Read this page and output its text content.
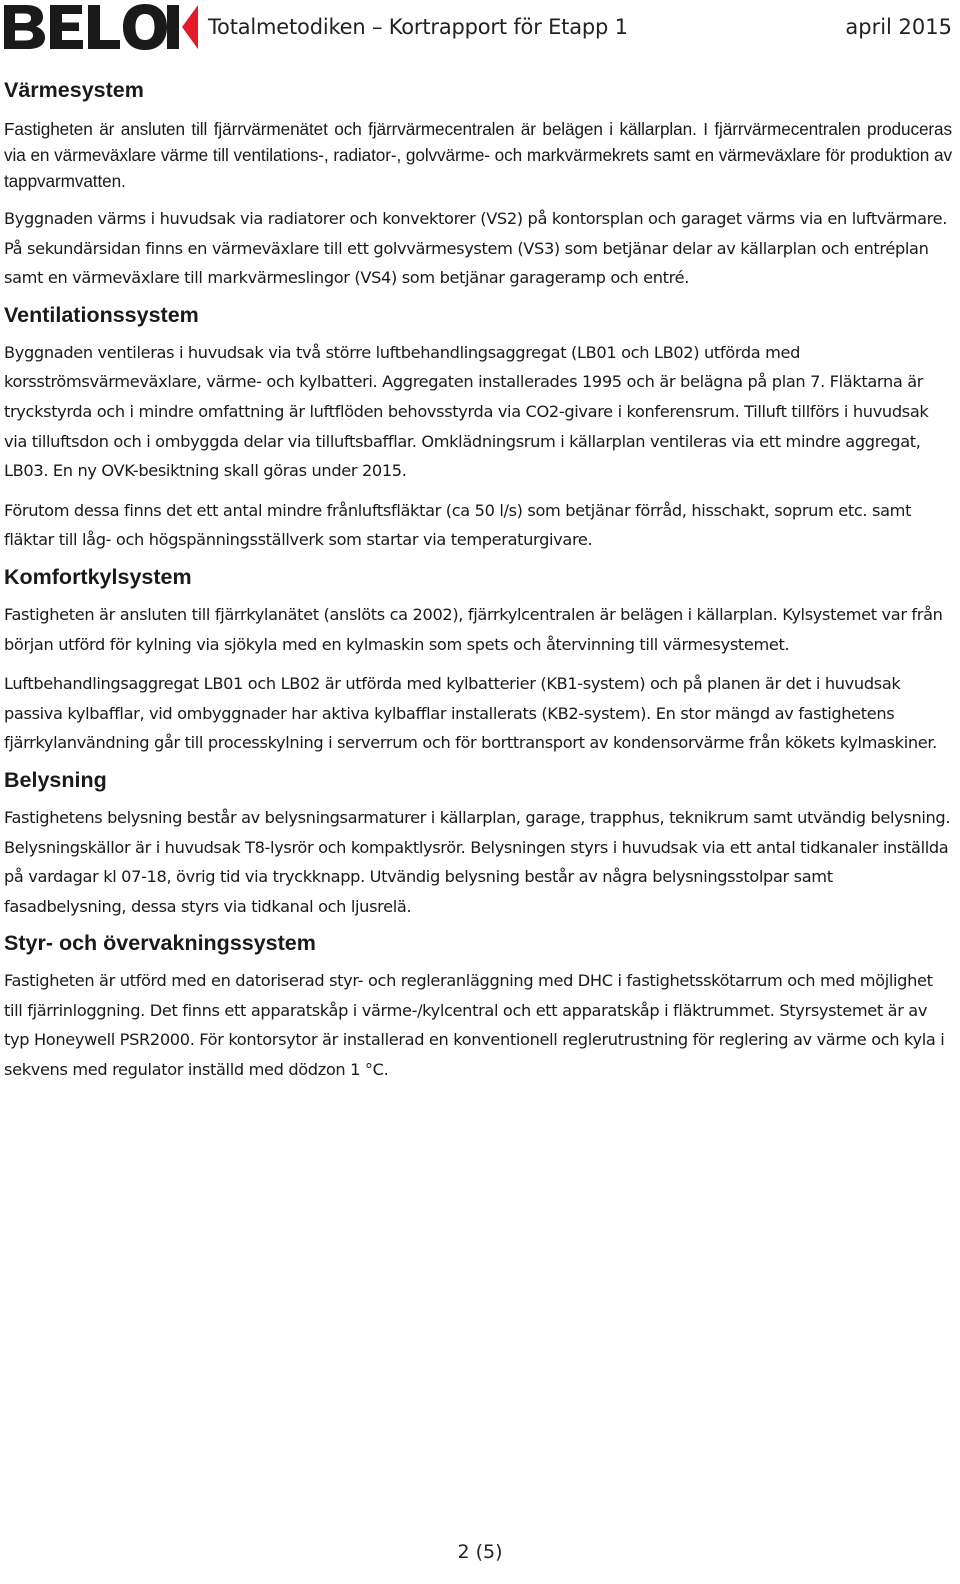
Totalmetodiken – Kortrapport för Etapp 1	april 2015
Värmesystem

Fastigheten är ansluten till fjärrvärmenätet och fjärrvärmecentralen är belägen i källarplan. I fjärrvärmecentralen produceras via en värmeväxlare värme till ventilations-, radiator-, golvvärme- och markvärmekrets samt en värmeväxlare för produktion av tappvarmvatten.

Byggnaden värms i huvudsak via radiatorer och konvektorer (VS2) på kontorsplan och garaget värms via en luftvärmare. På sekundärsidan finns en värmeväxlare till ett golvvärmesystem (VS3) som betjänar delar av källarplan och entréplan samt en värmeväxlare till markvärmeslingor (VS4) som betjänar garageramp och entré.

Ventilationssystem

Byggnaden ventileras i huvudsak via två större luftbehandlingsaggregat (LB01 och LB02) utförda med korsströmsvärmeväxlare, värme- och kylbatteri. Aggregaten installerades 1995 och är belägna på plan 7. Fläktarna är tryckstyrda och i mindre omfattning är luftflöden behovsstyrda via CO2-givare i konferensrum. Tilluft tillförs i huvudsak via tilluftsdon och i ombyggda delar via tilluftsbafflar. Omklädningsrum i källarplan ventileras via ett mindre aggregat, LB03. En ny OVK-besiktning skall göras under 2015.

Förutom dessa finns det ett antal mindre frånluftsfläktar (ca 50 l/s) som betjänar förråd, hisschakt, soprum etc. samt fläktar till låg- och högspänningsställverk som startar via temperaturgivare.

Komfortkylsystem

Fastigheten är ansluten till fjärrkylanätet (anslöts ca 2002), fjärrkylcentralen är belägen i källarplan. Kylsystemet var från början utförd för kylning via sjökyla med en kylmaskin som spets och återvinning till värmesystemet.

Luftbehandlingsaggregat LB01 och LB02 är utförda med kylbatterier (KB1-system) och på planen är det i huvudsak passiva kylbafflar, vid ombyggnader har aktiva kylbafflar installerats (KB2-system). En stor mängd av fastighetens fjärrkylanvändning går till processkylning i serverrum och för borttransport av kondensorvärme från kökets kylmaskiner.

Belysning

Fastighetens belysning består av belysningsarmaturer i källarplan, garage, trapphus, teknikrum samt utvändig belysning. Belysningskällor är i huvudsak T8-lysrör och kompaktlysrör. Belysningen styrs i huvudsak via ett antal tidkanaler inställda på vardagar kl 07-18, övrig tid via tryckknapp. Utvändig belysning består av några belysningsstolpar samt fasadbelysning, dessa styrs via tidkanal och ljusrelä.

Styr- och övervakningssystem

Fastigheten är utförd med en datoriserad styr- och regleranläggning med DHC i fastighetsskötarrum och med möjlighet till fjärrinloggning. Det finns ett apparatskåp i värme-/kylcentral och ett apparatskåp i fläktrummet. Styrsystemet är av typ Honeywell PSR2000. För kontorsytor är installerad en konventionell reglerutrustning för reglering av värme och kyla i sekvens med regulator inställd med dödzon 1 °C.

2 (5)
